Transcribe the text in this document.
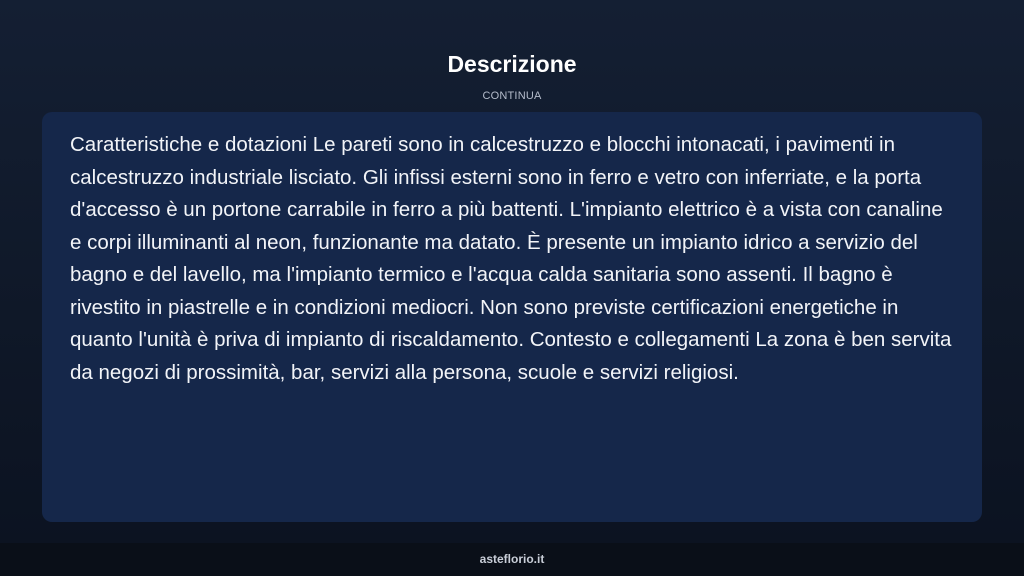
Descrizione
CONTINUA

Caratteristiche e dotazioni Le pareti sono in calcestruzzo e blocchi intonacati, i pavimenti in calcestruzzo industriale lisciato. Gli infissi esterni sono in ferro e vetro con inferriate, e la porta d'accesso è un portone carrabile in ferro a più battenti. L'impianto elettrico è a vista con canaline e corpi illuminanti al neon, funzionante ma datato. È presente un impianto idrico a servizio del bagno e del lavello, ma l'impianto termico e l'acqua calda sanitaria sono assenti. Il bagno è rivestito in piastrelle e in condizioni mediocri. Non sono previste certificazioni energetiche in quanto l'unità è priva di impianto di riscaldamento. Contesto e collegamenti La zona è ben servita da negozi di prossimità, bar, servizi alla persona, scuole e servizi religiosi.

asteflorio.it
